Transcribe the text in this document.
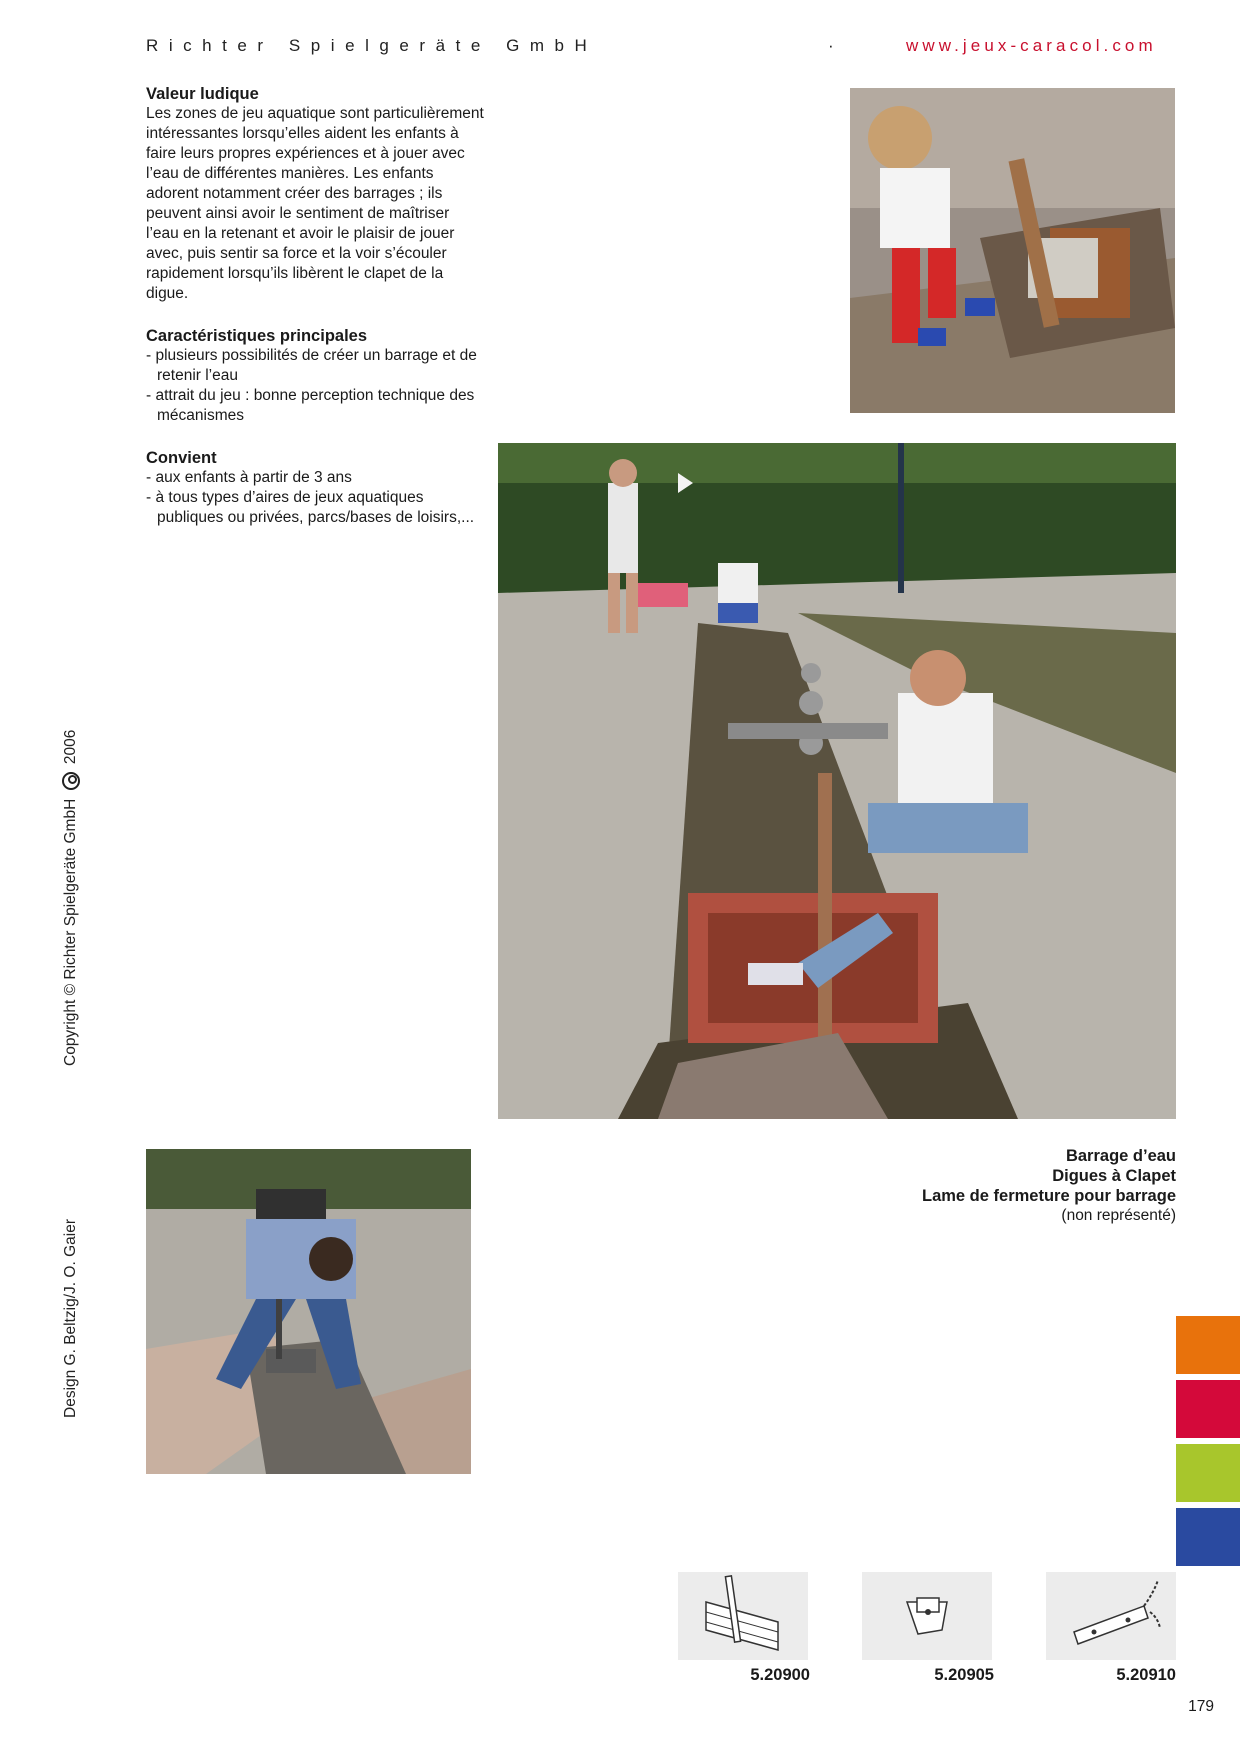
Richter Spielgeräte GmbH	·	www.jeux-caracol.com

Valeur ludique

Les zones de jeu aquatique sont particulièrement intéressantes lorsqu’elles aident les enfants à faire leurs propres expériences et à jouer avec l’eau de différentes manières. Les enfants adorent notamment créer des barrages ; ils peuvent ainsi avoir le sentiment de maîtriser l’eau en la retenant et avoir le plaisir de jouer avec, puis sentir sa force et la voir s’écouler rapidement lorsqu’ils libèrent le clapet de la digue.

Caractéristiques principales

- plusieurs possibilités de créer un barrage et de retenir l’eau
- attrait du jeu : bonne perception technique des mécanismes

Convient

- aux enfants à partir de 3 ans
- à tous types d’aires de jeux aquatiques publiques ou privées, parcs/bases de loisirs,...
Copyright © Richter Spielgeräte GmbH  2006
Design G. Beltzig/J. O. Gaier
Barrage d’eau
Digues à Clapet
Lame de fermeture pour barrage
(non représenté)
5.20900	5.20905	5.20910
179
